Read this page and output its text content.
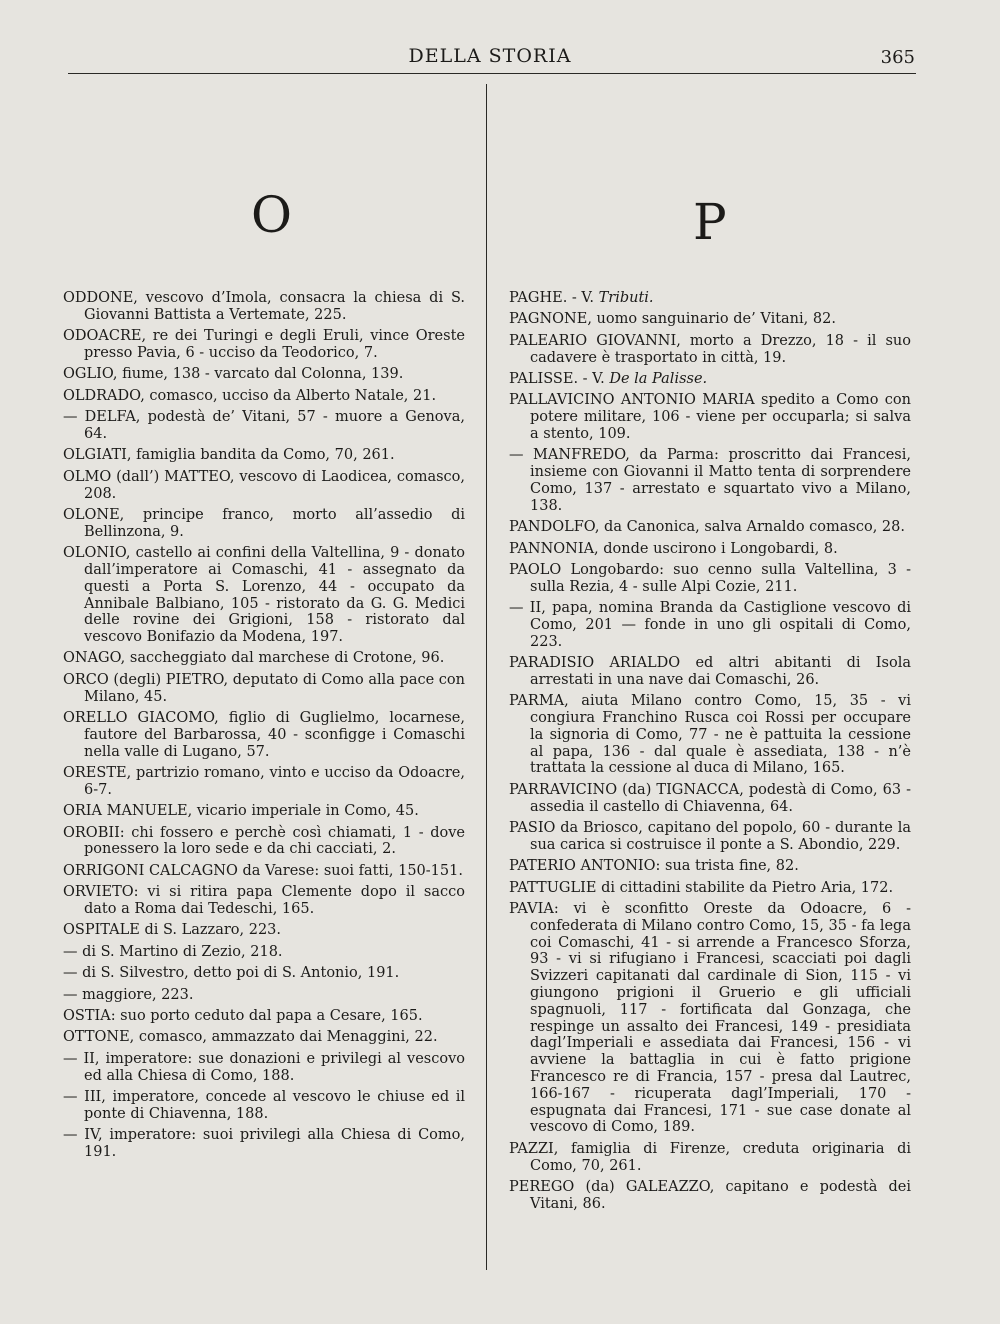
DELLA STORIA	365
O	P

ODDONE, vescovo d’Imola, consacra la chiesa di S. Giovanni Battista a Vertemate, 225.

ODOACRE, re dei Turingi e degli Eruli, vince Oreste presso Pavia, 6 - ucciso da Teodorico, 7.

OGLIO, fiume, 138 - varcato dal Colonna, 139.

OLDRADO, comasco, ucciso da Alberto Natale, 21.

— DELFA, podestà de’ Vitani, 57 - muore a Genova, 64.

OLGIATI, famiglia bandita da Como, 70, 261.

OLMO (dall’) MATTEO, vescovo di Laodicea, comasco, 208.

OLONE, principe franco, morto all’assedio di Bellinzona, 9.

OLONIO, castello ai confini della Valtellina, 9 - donato dall’imperatore ai Comaschi, 41 - assegnato da questi a Porta S. Lorenzo, 44 - occupato da Annibale Balbiano, 105 - ristorato da G. G. Medici delle rovine dei Grigioni, 158 - ristorato dal vescovo Bonifazio da Modena, 197.

ONAGO, saccheggiato dal marchese di Crotone, 96.

ORCO (degli) PIETRO, deputato di Como alla pace con Milano, 45.

ORELLO GIACOMO, figlio di Guglielmo, locarnese, fautore del Barbarossa, 40 - sconfigge i Comaschi nella valle di Lugano, 57.

ORESTE, partrizio romano, vinto e ucciso da Odoacre, 6-7.

ORIA MANUELE, vicario imperiale in Como, 45.

OROBII: chi fossero e perchè così chiamati, 1 - dove ponessero la loro sede e da chi cacciati, 2.

ORRIGONI CALCAGNO da Varese: suoi fatti, 150-151.

ORVIETO: vi si ritira papa Clemente dopo il sacco dato a Roma dai Tedeschi, 165.

OSPITALE di S. Lazzaro, 223.

— di S. Martino di Zezio, 218.

— di S. Silvestro, detto poi di S. Antonio, 191.

— maggiore, 223.

OSTIA: suo porto ceduto dal papa a Cesare, 165.

OTTONE, comasco, ammazzato dai Menaggini, 22.

— II, imperatore: sue donazioni e privilegi al vescovo ed alla Chiesa di Como, 188.

— III, imperatore, concede al vescovo le chiuse ed il ponte di Chiavenna, 188.

— IV, imperatore: suoi privilegi alla Chiesa di Como, 191.

PAGHE. - V. Tributi.

PAGNONE, uomo sanguinario de’ Vitani, 82.

PALEARIO GIOVANNI, morto a Drezzo, 18 - il suo cadavere è trasportato in città, 19.

PALISSE. - V. De la Palisse.

PALLAVICINO ANTONIO MARIA spedito a Como con potere militare, 106 - viene per occuparla; si salva a stento, 109.

— MANFREDO, da Parma: proscritto dai Francesi, insieme con Giovanni il Matto tenta di sorprendere Como, 137 - arrestato e squartato vivo a Milano, 138.

PANDOLFO, da Canonica, salva Arnaldo comasco, 28.

PANNONIA, donde uscirono i Longobardi, 8.

PAOLO Longobardo: suo cenno sulla Valtellina, 3 - sulla Rezia, 4 - sulle Alpi Cozie, 211.

— II, papa, nomina Branda da Castiglione vescovo di Como, 201 — fonde in uno gli ospitali di Como, 223.

PARADISIO ARIALDO ed altri abitanti di Isola arrestati in una nave dai Comaschi, 26.

PARMA, aiuta Milano contro Como, 15, 35 - vi congiura Franchino Rusca coi Rossi per occupare la signoria di Como, 77 - ne è pattuita la cessione al papa, 136 - dal quale è assediata, 138 - n’è trattata la cessione al duca di Milano, 165.

PARRAVICINO (da) TIGNACCA, podestà di Como, 63 - assedia il castello di Chiavenna, 64.

PASIO da Briosco, capitano del popolo, 60 - durante la sua carica si costruisce il ponte a S. Abondio, 229.

PATERIO ANTONIO: sua trista fine, 82.

PATTUGLIE di cittadini stabilite da Pietro Aria, 172.

PAVIA: vi è sconfitto Oreste da Odoacre, 6 - confederata di Milano contro Como, 15, 35 - fa lega coi Comaschi, 41 - si arrende a Francesco Sforza, 93 - vi si rifugiano i Francesi, scacciati poi dagli Svizzeri capitanati dal cardinale di Sion, 115 - vi giungono prigioni il Gruerio e gli ufficiali spagnuoli, 117 - fortificata dal Gonzaga, che respinge un assalto dei Francesi, 149 - presidiata dagl’Imperiali e assediata dai Francesi, 156 - vi avviene la battaglia in cui è fatto prigione Francesco re di Francia, 157 - presa dal Lautrec, 166-167 - ricuperata dagl’Imperiali, 170 - espugnata dai Francesi, 171 - sue case donate al vescovo di Como, 189.

PAZZI, famiglia di Firenze, creduta originaria di Como, 70, 261.

PEREGO (da) GALEAZZO, capitano e podestà dei Vitani, 86.
